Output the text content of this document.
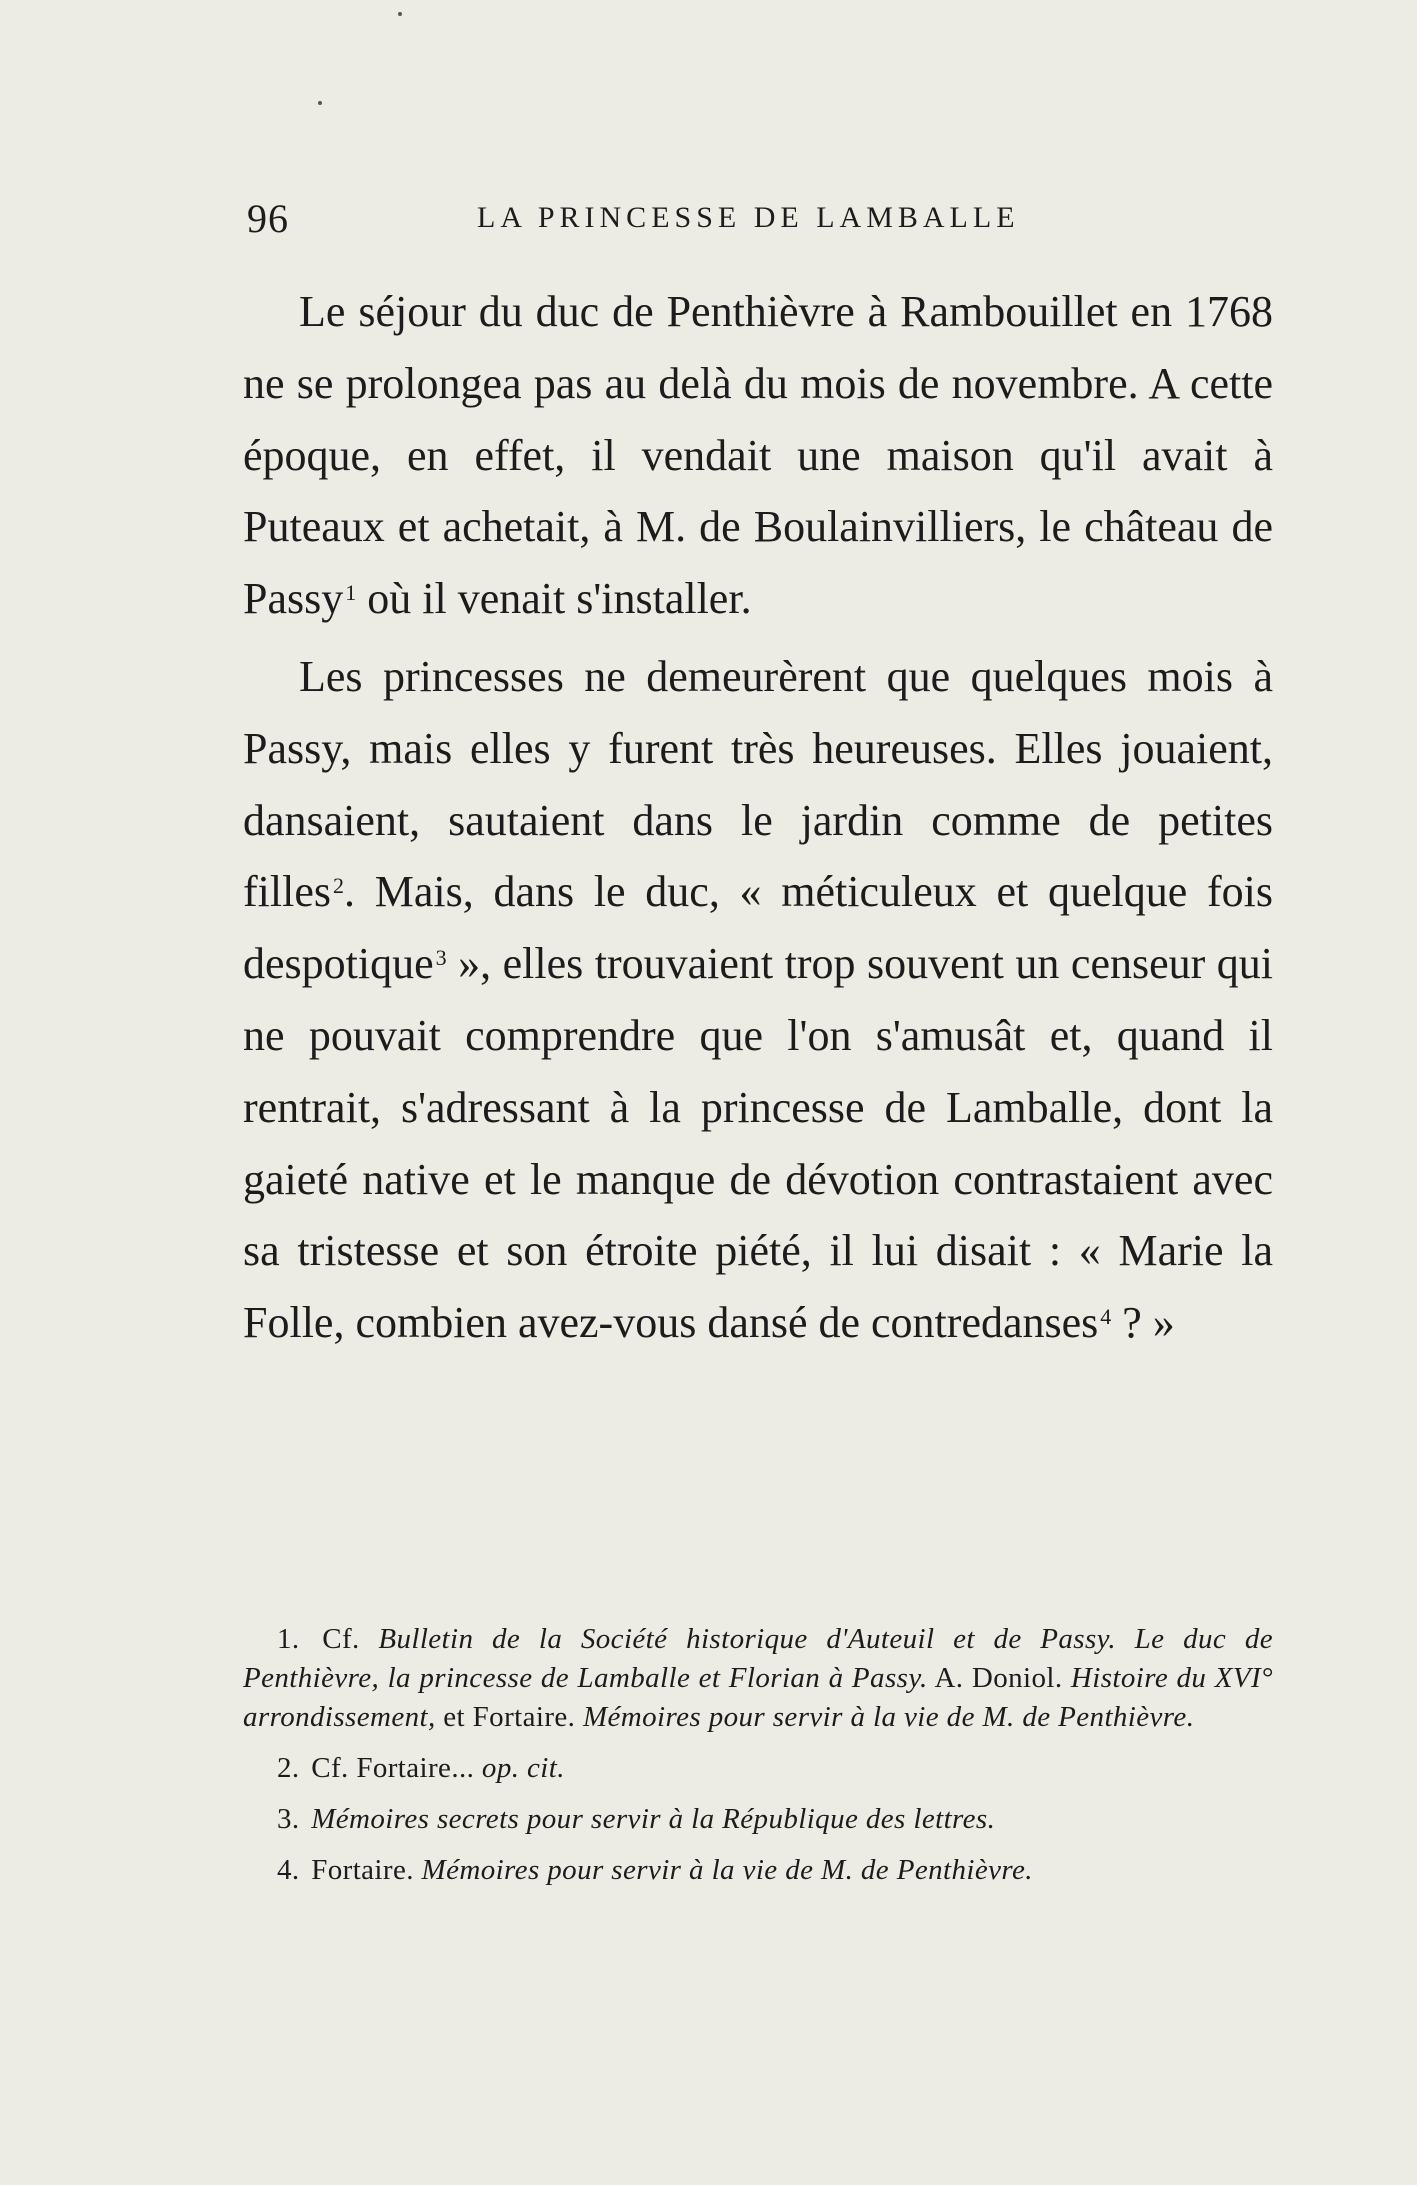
96	LA PRINCESSE DE LAMBALLE

Le séjour du duc de Penthièvre à Rambouillet en 1768 ne se prolongea pas au delà du mois de novembre. A cette époque, en effet, il vendait une maison qu'il avait à Puteaux et achetait, à M. de Boulainvilliers, le château de Passy$^1$ où il venait s'installer.

Les princesses ne demeurèrent que quelques mois à Passy, mais elles y furent très heureuses. Elles jouaient, dansaient, sautaient dans le jardin comme de petites filles$^2$. Mais, dans le duc, « méticuleux et quelque fois despotique$^3$ », elles trouvaient trop souvent un censeur qui ne pouvait comprendre que l'on s'amusât et, quand il rentrait, s'adressant à la princesse de Lamballe, dont la gaieté native et le manque de dévotion contrastaient avec sa tristesse et son étroite piété, il lui disait : « Marie la Folle, combien avez-vous dansé de contredanses$^4$ ? »

1. Cf. Bulletin de la Société historique d'Auteuil et de Passy. Le duc de Penthièvre, la princesse de Lamballe et Florian à Passy. A. Doniol. Histoire du XVI° arrondissement, et Fortaire. Mémoires pour servir à la vie de M. de Penthièvre.

2. Cf. Fortaire... op. cit.

3. Mémoires secrets pour servir à la République des lettres.

4. Fortaire. Mémoires pour servir à la vie de M. de Penthièvre.
